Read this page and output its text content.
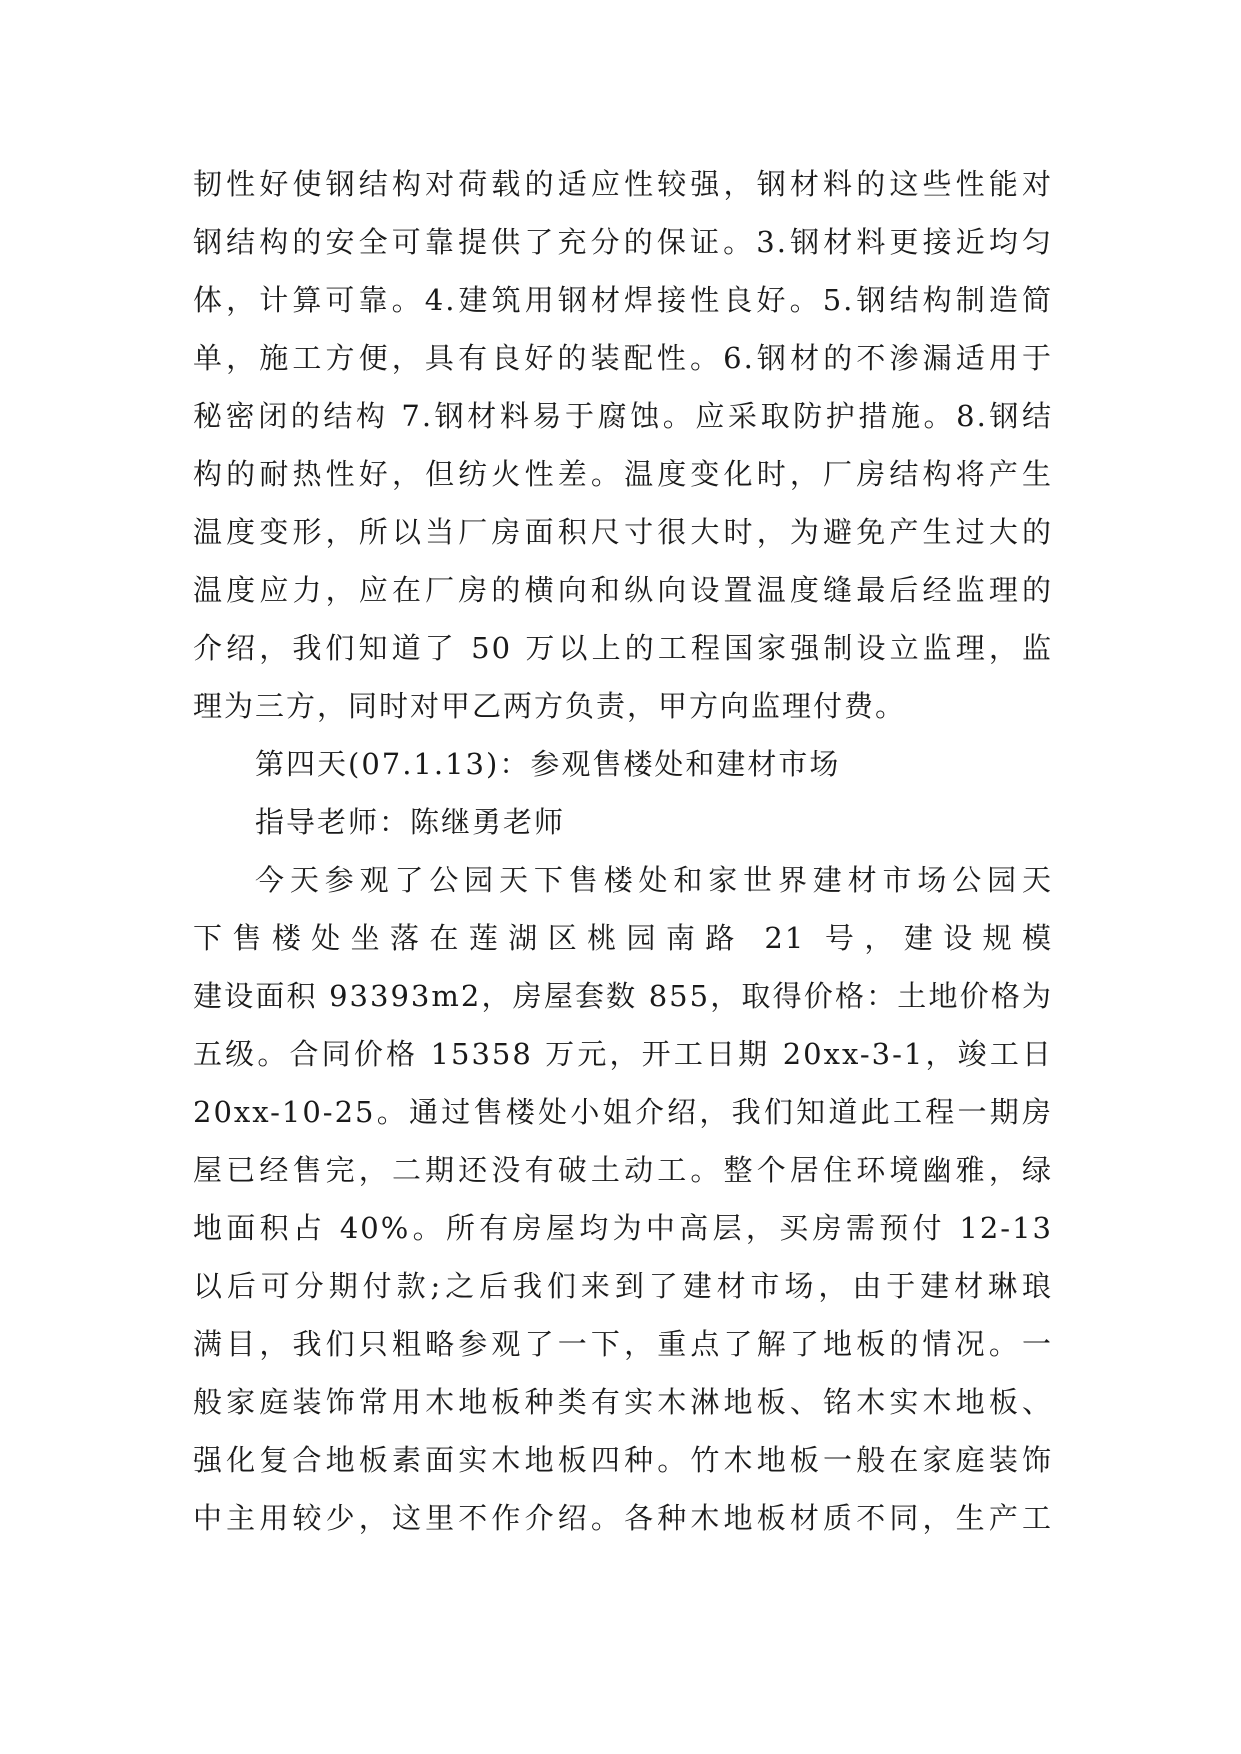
韧性好使钢结构对荷载的适应性较强，钢材料的这些性能对
钢结构的安全可靠提供了充分的保证。3.钢材料更接近均匀
体，计算可靠。4.建筑用钢材焊接性良好。5.钢结构制造简
单，施工方便，具有良好的装配性。6.钢材的不渗漏适用于
秘密闭的结构 7.钢材料易于腐蚀。应采取防护措施。8.钢结
构的耐热性好，但纺火性差。温度变化时，厂房结构将产生
温度变形，所以当厂房面积尺寸很大时，为避免产生过大的
温度应力，应在厂房的横向和纵向设置温度缝最后经监理的
介绍，我们知道了 50 万以上的工程国家强制设立监理，监
理为三方，同时对甲乙两方负责，甲方向监理付费。
第四天(07.1.13)：参观售楼处和建材市场
指导老师：陈继勇老师
今天参观了公园天下售楼处和家世界建材市场公园天
下售楼处坐落在莲湖区桃园南路 21 号，建设规模
建设面积 93393m2，房屋套数 855，取得价格：土地价格为
五级。合同价格 15358 万元，开工日期 20xx-3-1，竣工日
20xx-10-25。通过售楼处小姐介绍，我们知道此工程一期房
屋已经售完，二期还没有破土动工。整个居住环境幽雅，绿
地面积占 40%。所有房屋均为中高层，买房需预付 12-13
以后可分期付款;之后我们来到了建材市场，由于建材琳琅
满目，我们只粗略参观了一下，重点了解了地板的情况。一
般家庭装饰常用木地板种类有实木淋地板、铭木实木地板、
强化复合地板素面实木地板四种。竹木地板一般在家庭装饰
中主用较少，这里不作介绍。各种木地板材质不同，生产工
